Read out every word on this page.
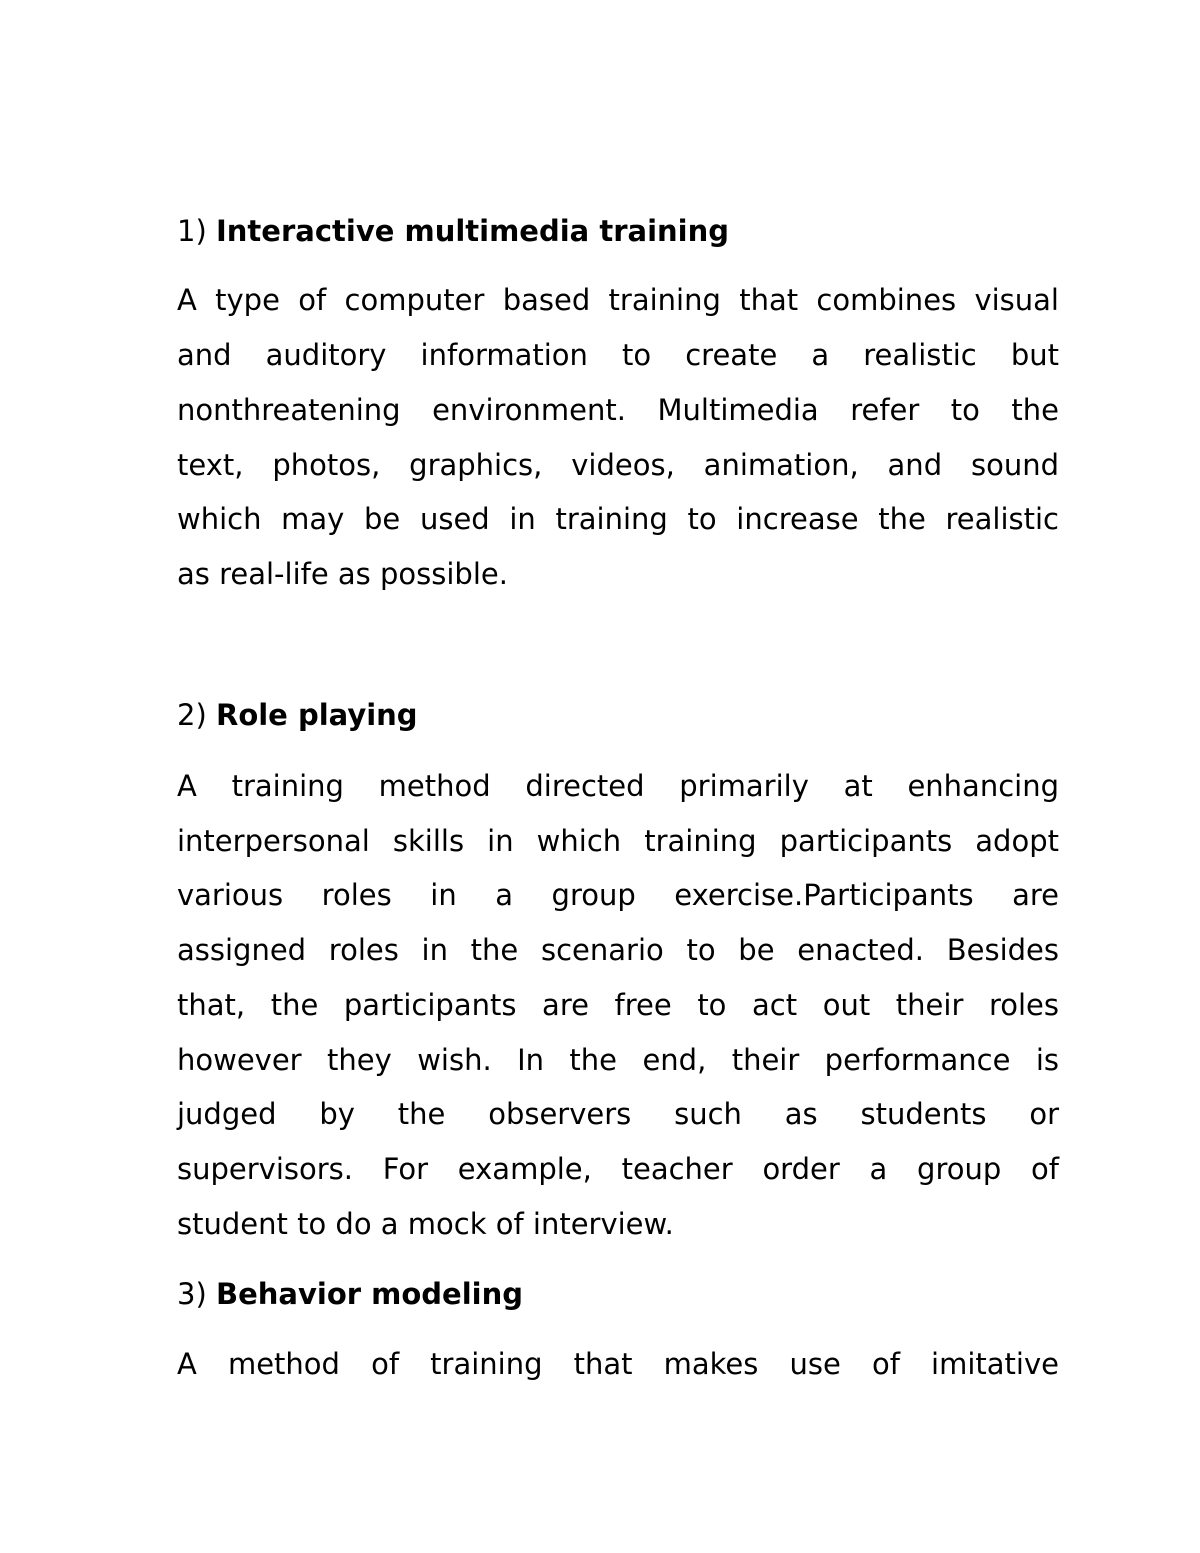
1) Interactive multimedia training
A type of computer based training that combines visual
and auditory information to create a realistic but
nonthreatening environment. Multimedia refer to the
text, photos, graphics, videos, animation, and sound
which may be used in training to increase the realistic
as real-life as possible.
2) Role playing
A training method directed primarily at enhancing
interpersonal skills in which training participants adopt
various roles in a group exercise.Participants are
assigned roles in the scenario to be enacted. Besides
that, the participants are free to act out their roles
however they wish. In the end, their performance is
judged by the observers such as students or
supervisors. For example, teacher order a group of
student to do a mock of interview.
3) Behavior modeling
A method of training that makes use of imitative
